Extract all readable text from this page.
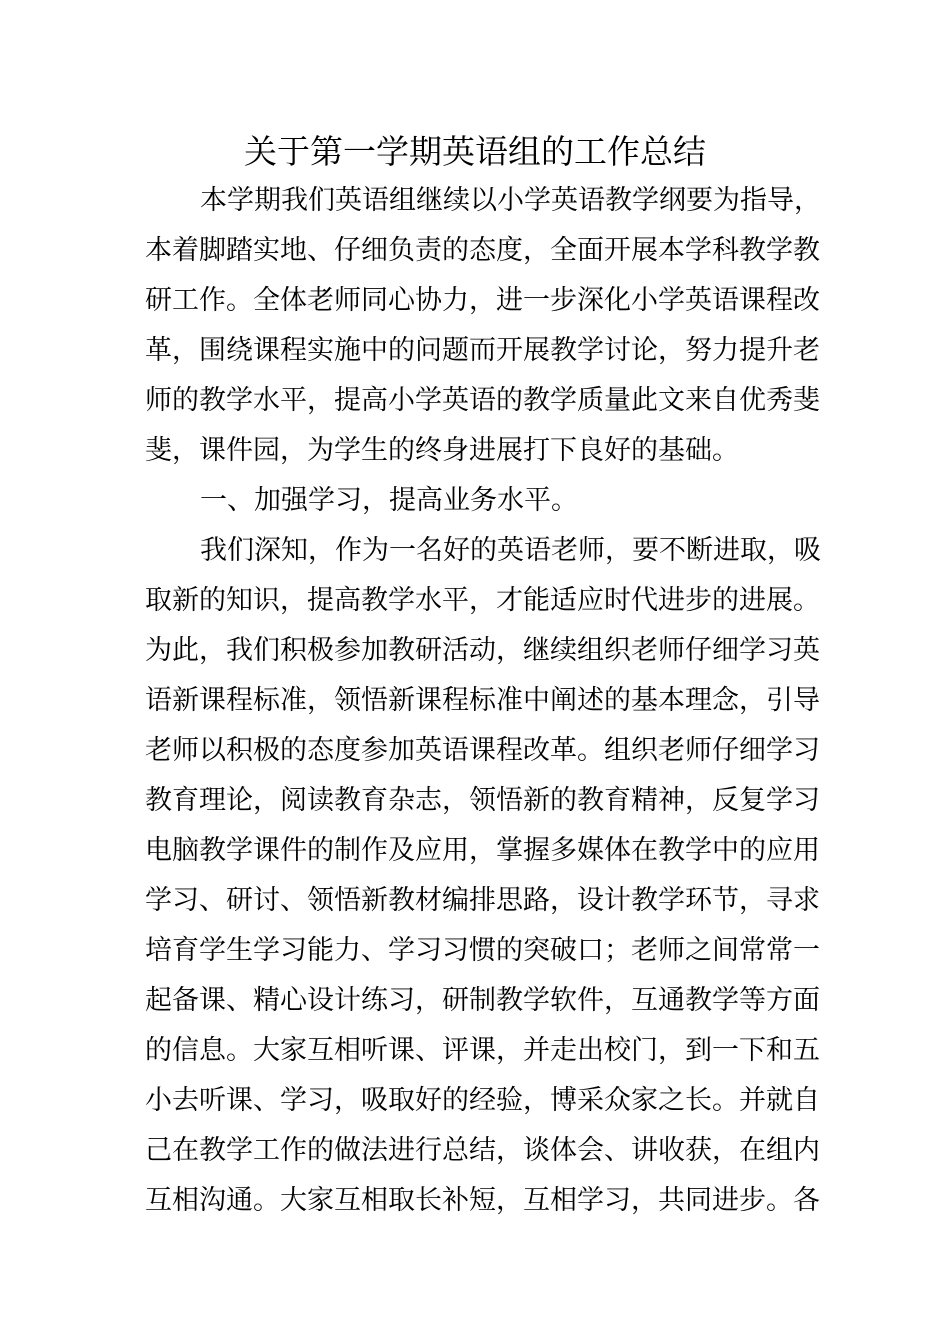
关于第一学期英语组的工作总结
本学期我们英语组继续以小学英语教学纲要为指导，
本着脚踏实地、仔细负责的态度，全面开展本学科教学教
研工作。全体老师同心协力，进一步深化小学英语课程改
革，围绕课程实施中的问题而开展教学讨论，努力提升老
师的教学水平，提高小学英语的教学质量此文来自优秀斐
斐，课件园，为学生的终身进展打下良好的基础。
一、加强学习，提高业务水平。
我们深知，作为一名好的英语老师，要不断进取，吸
取新的知识，提高教学水平，才能适应时代进步的进展。
为此，我们积极参加教研活动，继续组织老师仔细学习英
语新课程标准，领悟新课程标准中阐述的基本理念，引导
老师以积极的态度参加英语课程改革。组织老师仔细学习
教育理论，阅读教育杂志，领悟新的教育精神，反复学习
电脑教学课件的制作及应用，掌握多媒体在教学中的应用
学习、研讨、领悟新教材编排思路，设计教学环节，寻求
培育学生学习能力、学习习惯的突破口；老师之间常常一
起备课、精心设计练习，研制教学软件，互通教学等方面
的信息。大家互相听课、评课，并走出校门，到一下和五
小去听课、学习，吸取好的经验，博采众家之长。并就自
己在教学工作的做法进行总结，谈体会、讲收获，在组内
互相沟通。大家互相取长补短，互相学习，共同进步。各
